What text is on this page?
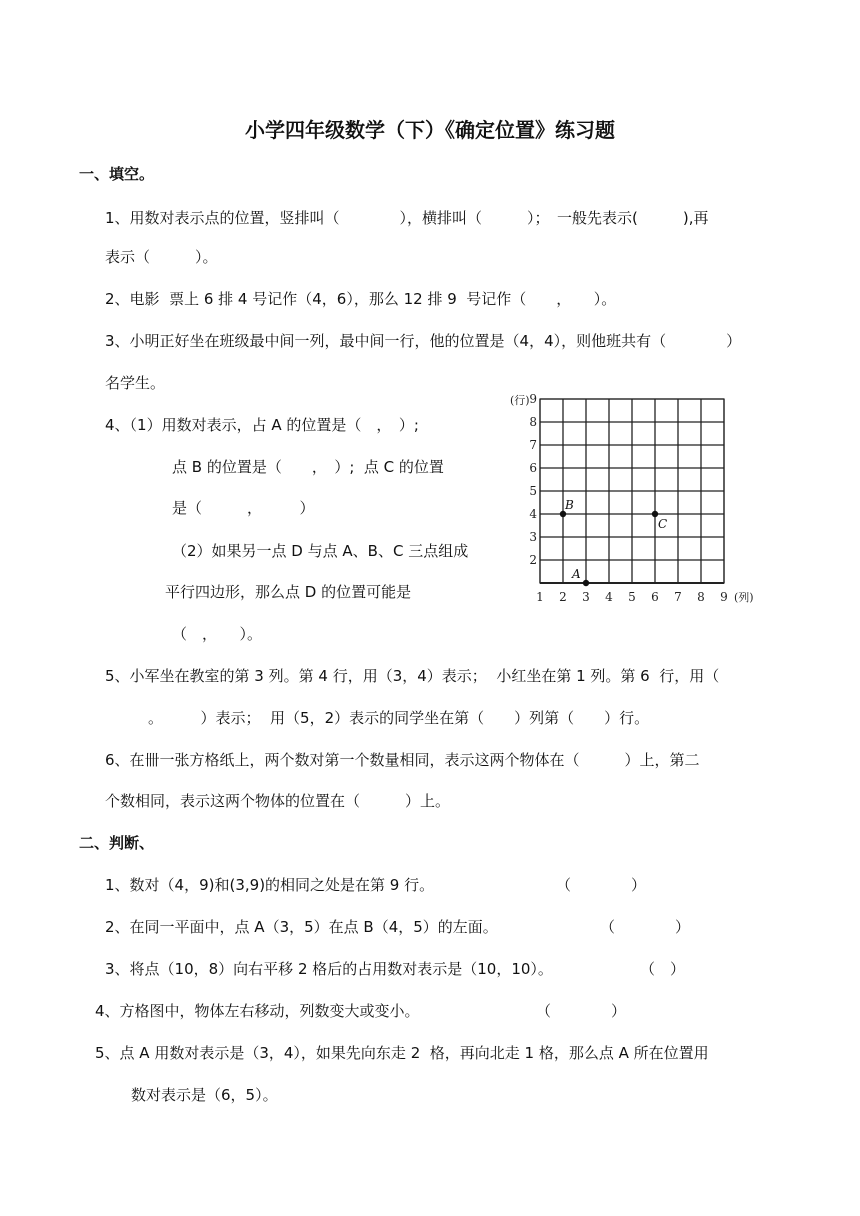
小学四年级数学（下）《确定位置》练习题
一、填空。
1、用数对表示点的位置，竖排叫（　　　　），横排叫（　　　）；　一般先表示(　　　),再
表示（　　　）。
2、电影  票上 6 排 4 号记作（4，6），那么 12 排 9  号记作（　　，　　）。
3、小明正好坐在班级最中间一列，最中间一行，他的位置是（4，4），则他班共有（　　　　）
名学生。
4、（1）用数对表示，占 A 的位置是（　，　）;
点 B 的位置是（　　，　）;  点 C 的位置
是（　　　，　　　）
（2）如果另一点 D 与点 A、B、C 三点组成
平行四边形，那么点 D 的位置可能是
（　，　　）。
1 2 3 4 5 6 7 8 9
2
3
4
5
6
7
8
9
(列)
(行)
A
B
C
5、小军坐在教室的第 3 列。第 4 行，用（3，4）表示；  小红坐在第 1 列。第 6  行，用（
。　　　）表示；  用（5，2）表示的同学坐在第（　　）列第（　　）行。
6、在卌一张方格纸上，两个数对第一个数量相同，表示这两个物体在（　　　）上，第二
个数相同，表示这两个物体的位置在（　　　）上。
二、判断、
1、数对（4，9)和(3,9)的相同之处是在第 9 行。	（　　　　）
2、在同一平面中，点 A（3，5）在点 B（4，5）的左面。	（　　　　）
3、将点（10，8）向右平移 2 格后的占用数对表示是（10，10）。	（　）
4、方格图中，物体左右移动，列数变大或变小。	（　　　　）
5、点 A 用数对表示是（3，4），如果先向东走 2  格，再向北走 1 格，那么点 A 所在位置用
数对表示是（6，5）。
